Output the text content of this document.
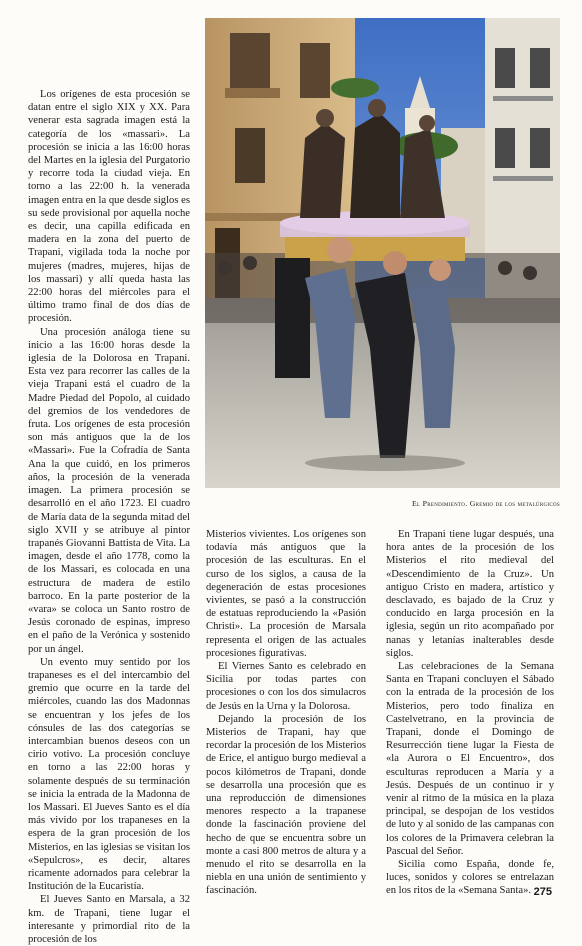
Los orígenes de esta procesión se datan entre el siglo XIX y XX. Para venerar esta sagrada imagen está la categoría de los «massari». La procesión se inicia a las 16:00 horas del Martes en la iglesia del Purgatorio y recorre toda la ciudad vieja. En torno a las 22:00 h. la venerada imagen entra en la que desde siglos es su sede provisional por aquella noche es decir, una capilla edificada en madera en la zona del puerto de Trapani, vigilada toda la noche por mujeres (madres, mujeres, hijas de los massari) y allí queda hasta las 22:00 horas del miércoles para el último tramo final de dos días de procesión.

Una procesión análoga tiene su inicio a las 16:00 horas desde la iglesia de la Dolorosa en Trapani. Esta vez para recorrer las calles de la vieja Trapani está el cuadro de la Madre Piedad del Popolo, al cuidado del gremios de los vendedores de fruta. Los orígenes de esta procesión son más antiguos que la de los «Massari». Fue la Cofradía de Santa Ana la que cuidó, en los primeros años, la procesión de la venerada imagen. La primera procesión se desarrolló en el año 1723. El cuadro de María data de la segunda mitad del siglo XVII y se atribuye al pintor trapanés Giovanni Battista de Vita. La imagen, desde el año 1778, como la de los Massari, es colocada en una estructura de madera de estilo barroco. En la parte posterior de la «vara» se coloca un Santo rostro de Jesús coronado de espinas, impreso en el paño de la Verónica y sostenido por un ángel.

Un evento muy sentido por los trapaneses es el del intercambio del gremio que ocurre en la tarde del miércoles, cuando las dos Madonnas se encuentran y los jefes de los cónsules de las dos categorías se intercambian buenos deseos con un cirio votivo. La procesión concluye en torno a las 22:00 horas y solamente después de su terminación se inicia la entrada de la Madonna de los Massari. El Jueves Santo es el día más vivido por los trapaneses en la espera de la gran procesión de los Misterios, en las iglesias se visitan los «Sepulcros», es decir, altares ricamente adornados para celebrar la Institución de la Eucaristía.

El Jueves Santo en Marsala, a 32 km. de Trapani, tiene lugar el interesante y primordial rito de la procesión de los

El Prendimiento. Gremio de los metalúrgicos

Misterios vivientes. Los orígenes son todavía más antiguos que la procesión de las esculturas. En el curso de los siglos, a causa de la degeneración de estas procesiones vivientes, se pasó a la construcción de estatuas reproduciendo la «Pasión Christi». La procesión de Marsala representa el origen de las actuales procesiones figurativas.

El Viernes Santo es celebrado en Sicilia por todas partes con procesiones o con los dos simulacros de Jesús en la Urna y la Dolorosa.

Dejando la procesión de los Misterios de Trapani, hay que recordar la procesión de los Misterios de Erice, el antiguo burgo medieval a pocos kilómetros de Trapani, donde se desarrolla una procesión que es una reproducción de dimensiones menores respecto a la trapanese donde la fascinación proviene del hecho de que se encuentra sobre un monte a casi 800 metros de altura y a menudo el rito se desarrolla en la niebla en una unión de sentimiento y fascinación.

En Trapani tiene lugar después, una hora antes de la procesión de los Misterios el rito medieval del «Descendimiento de la Cruz». Un antiguo Cristo en madera, artístico y desclavado, es bajado de la Cruz y conducido en larga procesión en la iglesia, según un rito acompañado por nanas y letanías inalterables desde siglos.

Las celebraciones de la Semana Santa en Trapani concluyen el Sábado con la entrada de la procesión de los Misterios, pero todo finaliza en Castelvetrano, en la provincia de Trapani, donde el Domingo de Resurrección tiene lugar la Fiesta de «la Aurora o El Encuentro», dos esculturas reproducen a María y a Jesús. Después de un continuo ir y venir al ritmo de la música en la plaza principal, se despojan de los vestidos de luto y al sonido de las campanas con los colores de la Primavera celebran la Pascual del Señor.

Sicilia como España, donde fe, luces, sonidos y colores se entrelazan en los ritos de la «Semana Santa». 275
